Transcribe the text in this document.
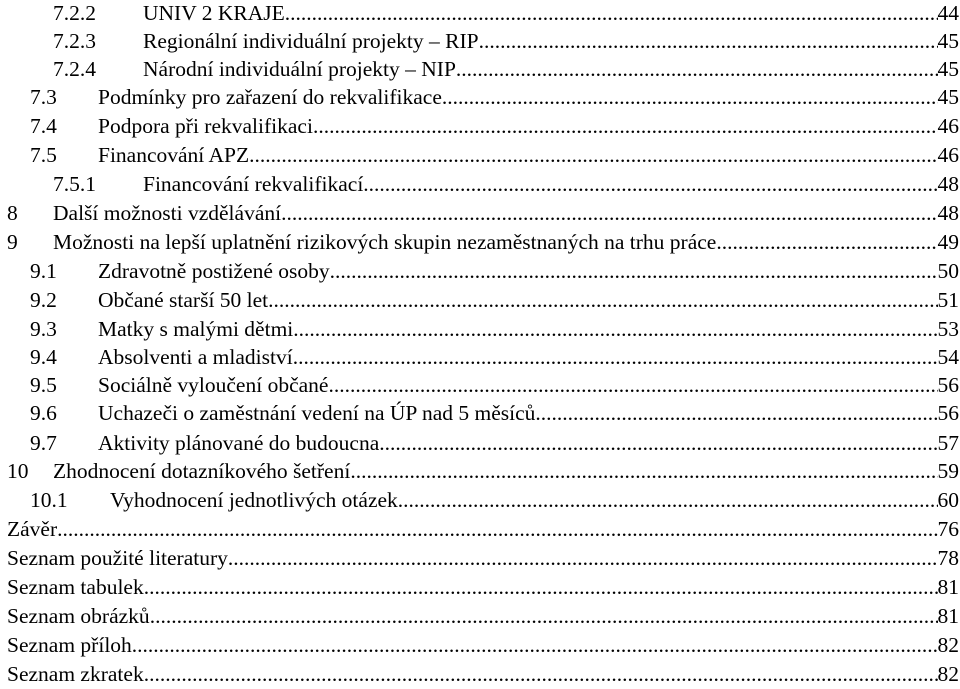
7.2.2	UNIV 2 KRAJE .....	44
7.2.3	Regionální individuální projekty – RIP .....	45
7.2.4	Národní individuální projekty – NIP .....	45
7.3	Podmínky pro zařazení do rekvalifikace .....	45
7.4	Podpora při rekvalifikaci .....	46
7.5	Financování APZ .....	46
7.5.1	Financování rekvalifikací .....	48
8	Další možnosti vzdělávání .....	48
9	Možnosti na lepší uplatnění rizikových skupin nezaměstnaných na trhu práce .....	49
9.1	Zdravotně postižené osoby .....	50
9.2	Občané starší 50 let .....	51
9.3	Matky s malými dětmi .....	53
9.4	Absolventi a mladiství .....	54
9.5	Sociálně vyloučení občané .....	56
9.6	Uchazeči o zaměstnání vedení na ÚP nad 5 měsíců .....	56
9.7	Aktivity plánované do budoucna .....	57
10	Zhodnocení dotazníkového šetření .....	59
10.1	Vyhodnocení jednotlivých otázek .....	60
Závěr .....	76
Seznam použité literatury .....	78
Seznam tabulek .....	81
Seznam obrázků .....	81
Seznam příloh .....	82
Seznam zkratek .....	82
